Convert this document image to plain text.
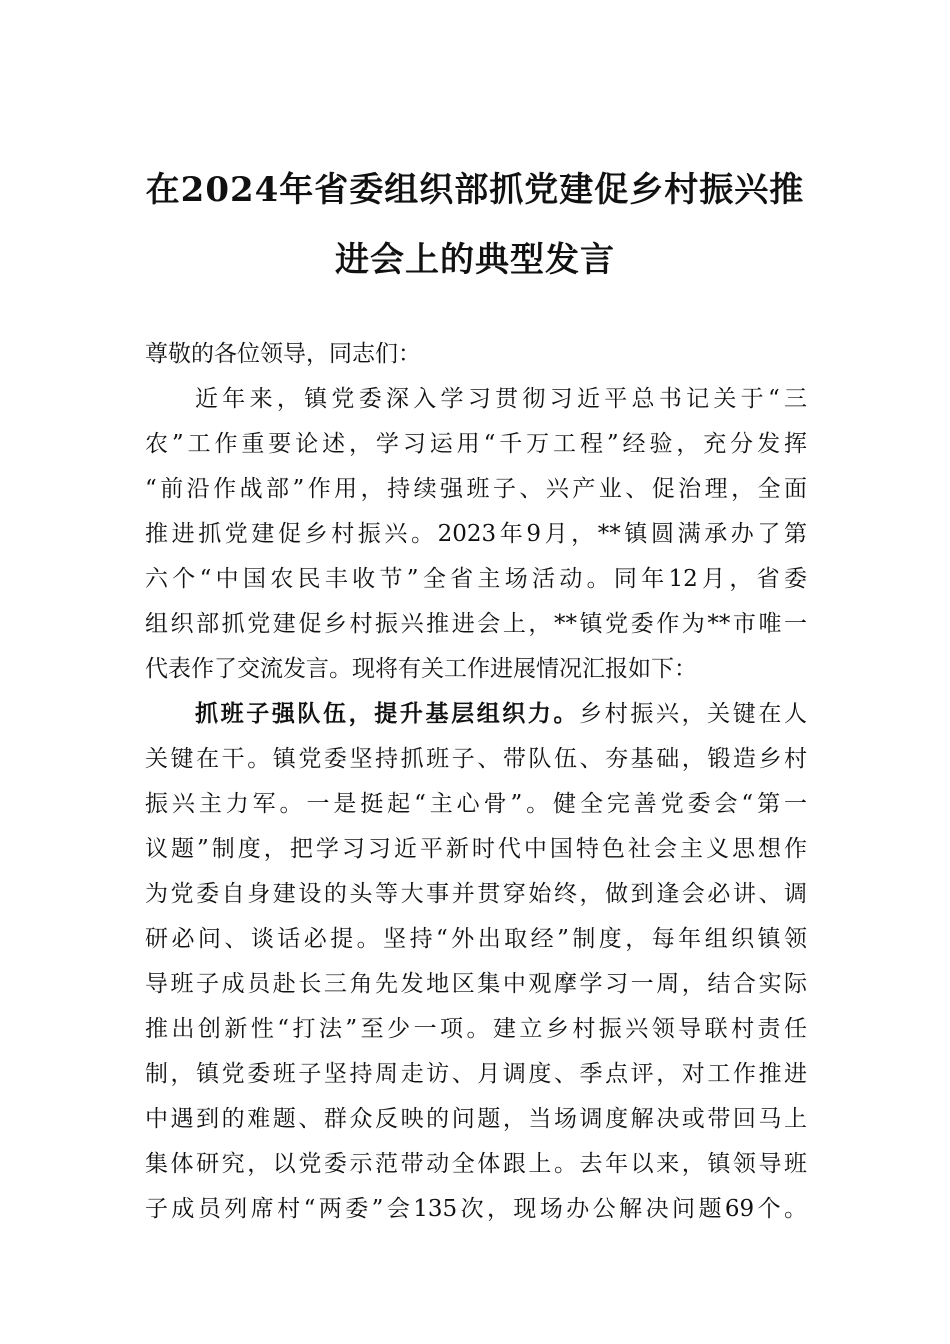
在2024年省委组织部抓党建促乡村振兴推
进会上的典型发言
尊敬的各位领导，同志们：
近年来，镇党委深入学习贯彻习近平总书记关于“三
农”工作重要论述，学习运用“千万工程”经验，充分发挥
“前沿作战部”作用，持续强班子、兴产业、促治理，全面
推进抓党建促乡村振兴。2023年9月，**镇圆满承办了第
六个“中国农民丰收节”全省主场活动。同年12月，省委
组织部抓党建促乡村振兴推进会上，**镇党委作为**市唯一
代表作了交流发言。现将有关工作进展情况汇报如下：
抓班子强队伍，提升基层组织力。乡村振兴，关键在人
关键在干。镇党委坚持抓班子、带队伍、夯基础，锻造乡村
振兴主力军。一是挺起“主心骨”。健全完善党委会“第一
议题”制度，把学习习近平新时代中国特色社会主义思想作
为党委自身建设的头等大事并贯穿始终，做到逢会必讲、调
研必问、谈话必提。坚持“外出取经”制度，每年组织镇领
导班子成员赴长三角先发地区集中观摩学习一周，结合实际
推出创新性“打法”至少一项。建立乡村振兴领导联村责任
制，镇党委班子坚持周走访、月调度、季点评，对工作推进
中遇到的难题、群众反映的问题，当场调度解决或带回马上
集体研究，以党委示范带动全体跟上。去年以来，镇领导班
子成员列席村“两委”会135次，现场办公解决问题69个。
